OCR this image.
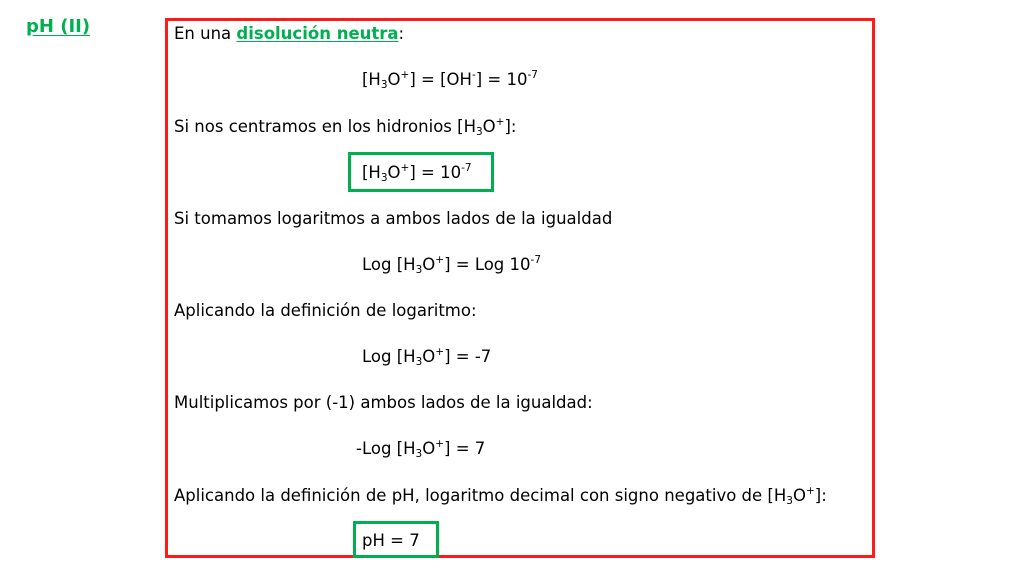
pH (II)	En una disolución neutra:
$[H_3O^+] = [OH^-] = 10^{-7}$
Si nos centramos en los hidronios $[H_3O^+]$:
$[H_3O^+] = 10^{-7}$
Si tomamos logaritmos a ambos lados de la igualdad
Log $[H_3O^+]$ = Log $10^{-7}$
Aplicando la definición de logaritmo:
Log $[H_3O^+] = -7$
Multiplicamos por (-1) ambos lados de la igualdad:
-Log $[H_3O^+] = 7$
Aplicando la definición de pH, logaritmo decimal con signo negativo de $[H_3O^+]$:
pH = 7
